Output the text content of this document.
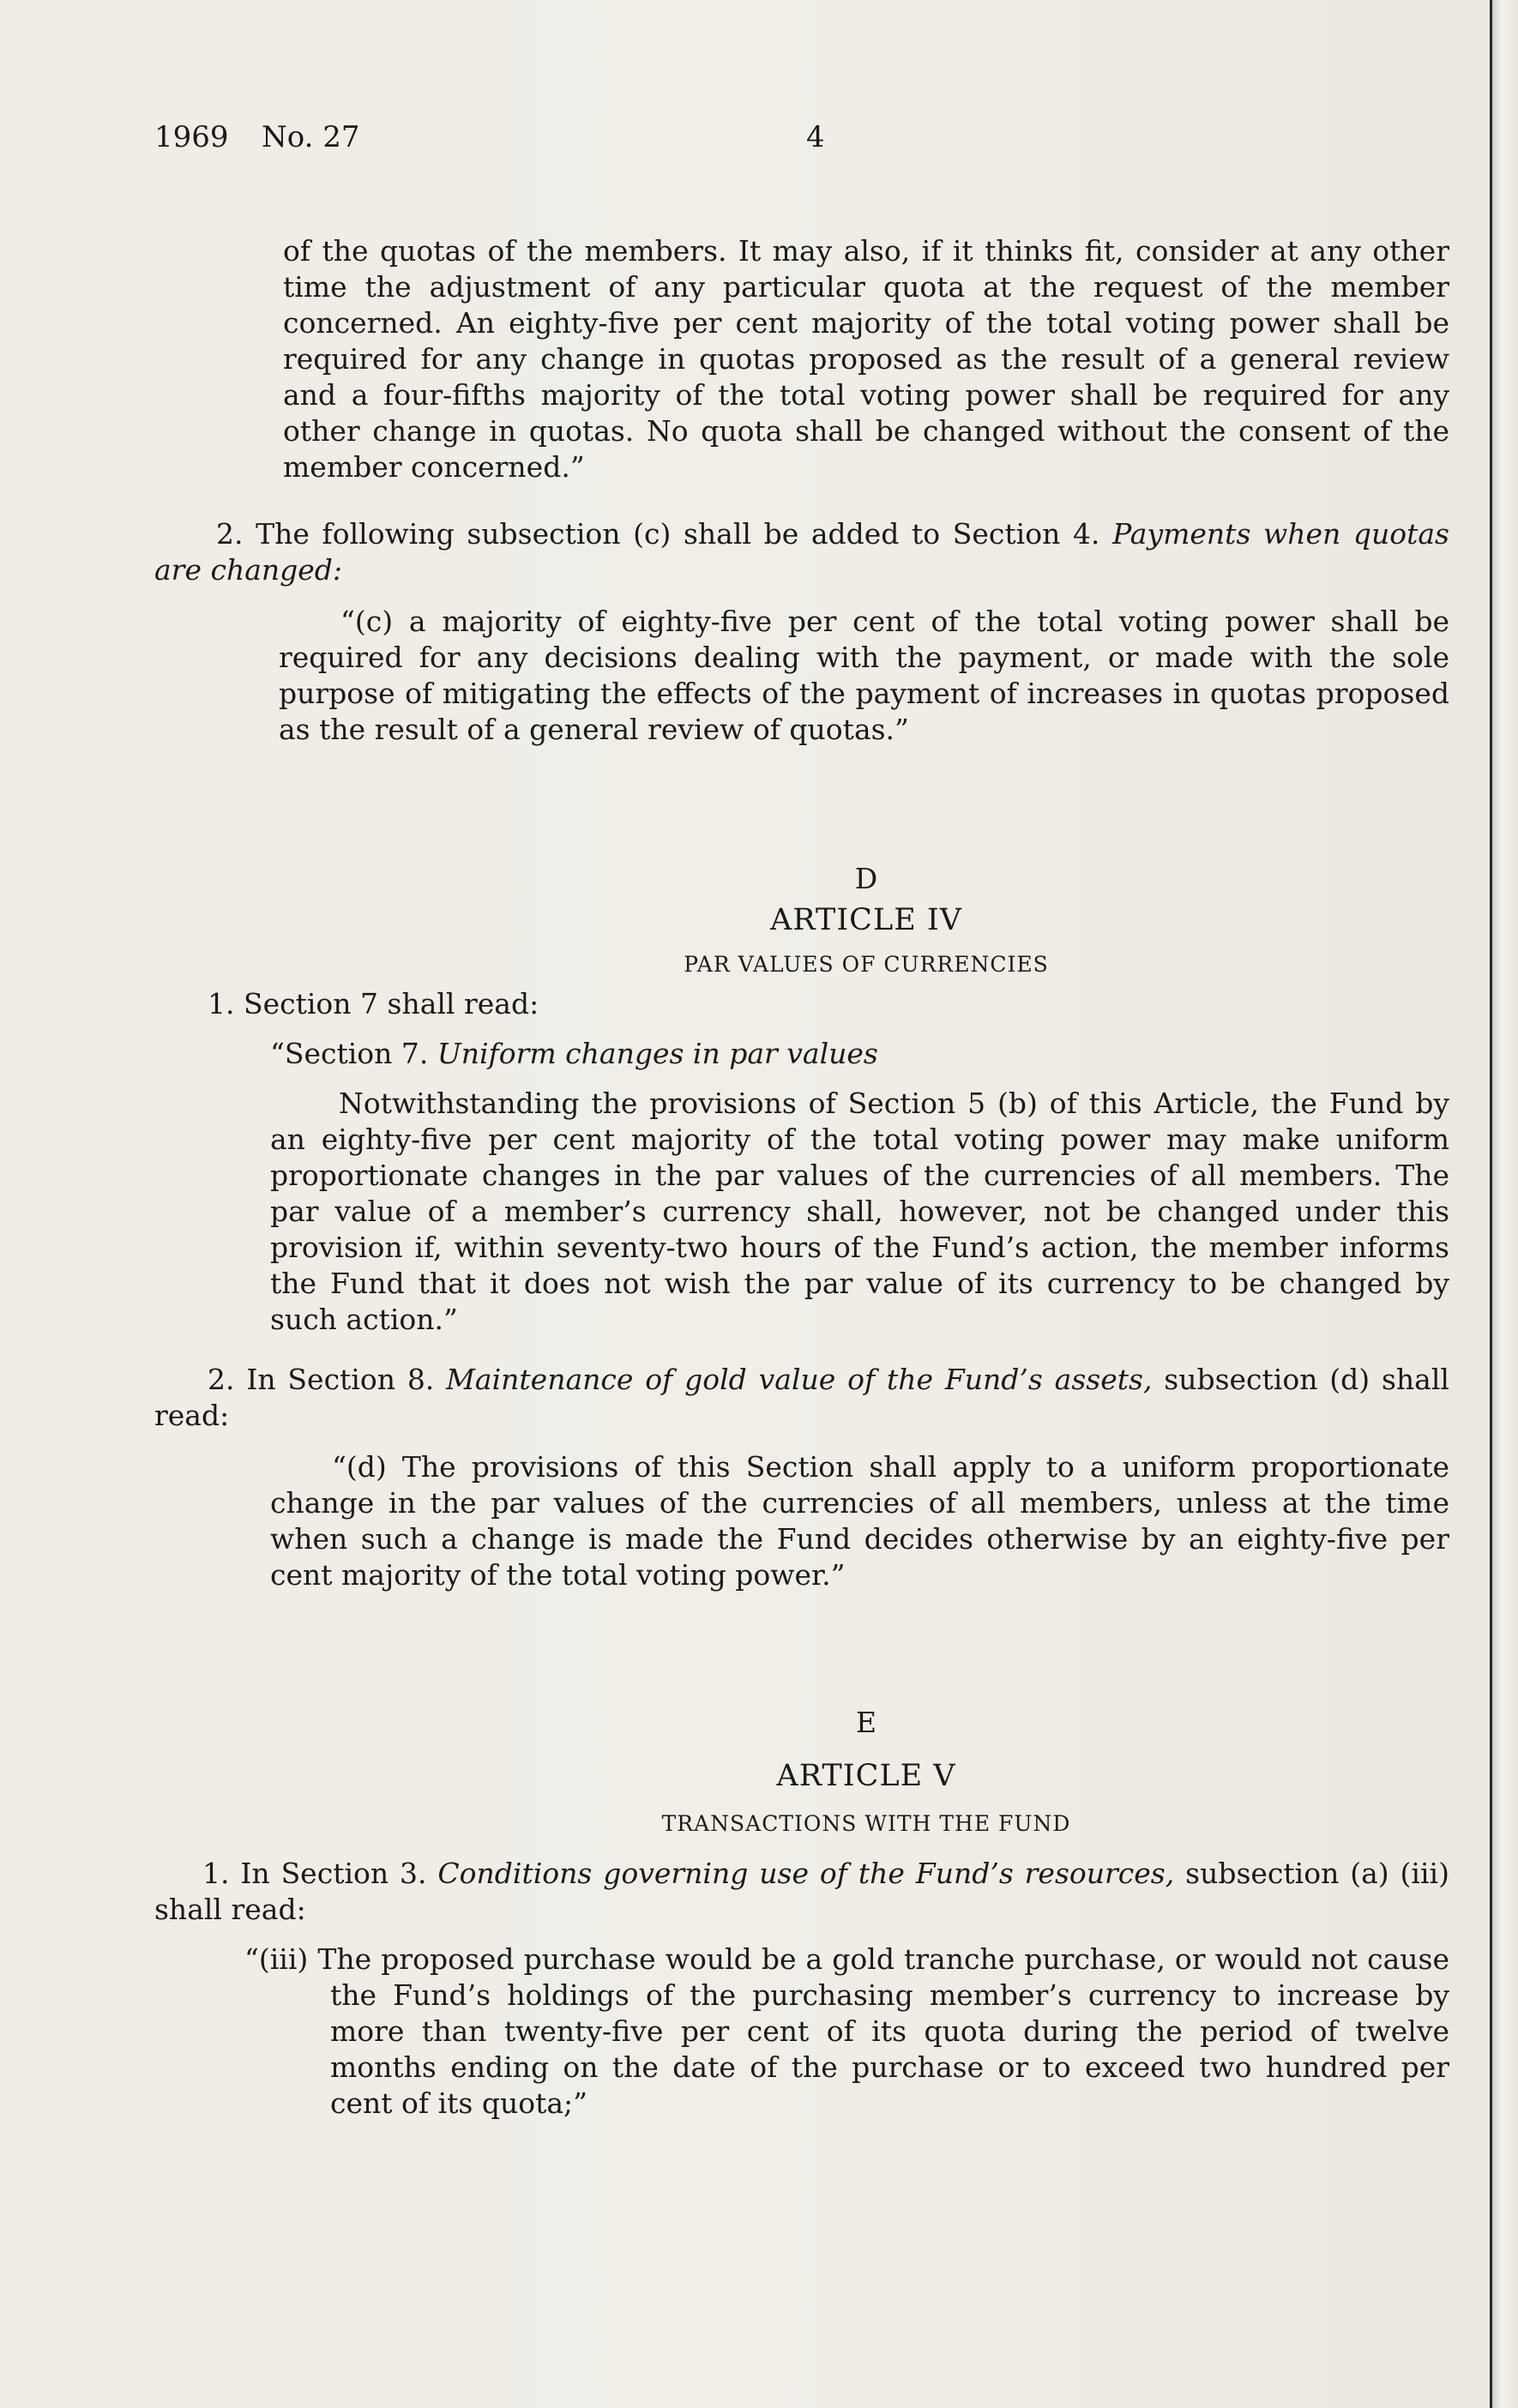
1969 No. 27	4

of the quotas of the members. It may also, if it thinks fit, consider at any other time the adjustment of any particular quota at the request of the member concerned. An eighty-five per cent majority of the total voting power shall be required for any change in quotas proposed as the result of a general review and a four-fifths majority of the total voting power shall be required for any other change in quotas. No quota shall be changed without the consent of the member concerned.”

2. The following subsection (c) shall be added to Section 4. Payments when quotas are changed:

“(c) a majority of eighty-five per cent of the total voting power shall be required for any decisions dealing with the payment, or made with the sole purpose of mitigating the effects of the payment of increases in quotas proposed as the result of a general review of quotas.”

D

ARTICLE IV

PAR VALUES OF CURRENCIES

1. Section 7 shall read:

“Section 7. Uniform changes in par values

Notwithstanding the provisions of Section 5 (b) of this Article, the Fund by an eighty-five per cent majority of the total voting power may make uniform proportionate changes in the par values of the currencies of all members. The par value of a member’s currency shall, however, not be changed under this provision if, within seventy-two hours of the Fund’s action, the member informs the Fund that it does not wish the par value of its currency to be changed by such action.”

2. In Section 8. Maintenance of gold value of the Fund’s assets, subsection (d) shall read:

“(d) The provisions of this Section shall apply to a uniform proportionate change in the par values of the currencies of all members, unless at the time when such a change is made the Fund decides otherwise by an eighty-five per cent majority of the total voting power.”

E

ARTICLE V

TRANSACTIONS WITH THE FUND

1. In Section 3. Conditions governing use of the Fund’s resources, subsection (a) (iii) shall read:

“(iii) The proposed purchase would be a gold tranche purchase, or would not cause the Fund’s holdings of the purchasing member’s currency to increase by more than twenty-five per cent of its quota during the period of twelve months ending on the date of the purchase or to exceed two hundred per cent of its quota;”
